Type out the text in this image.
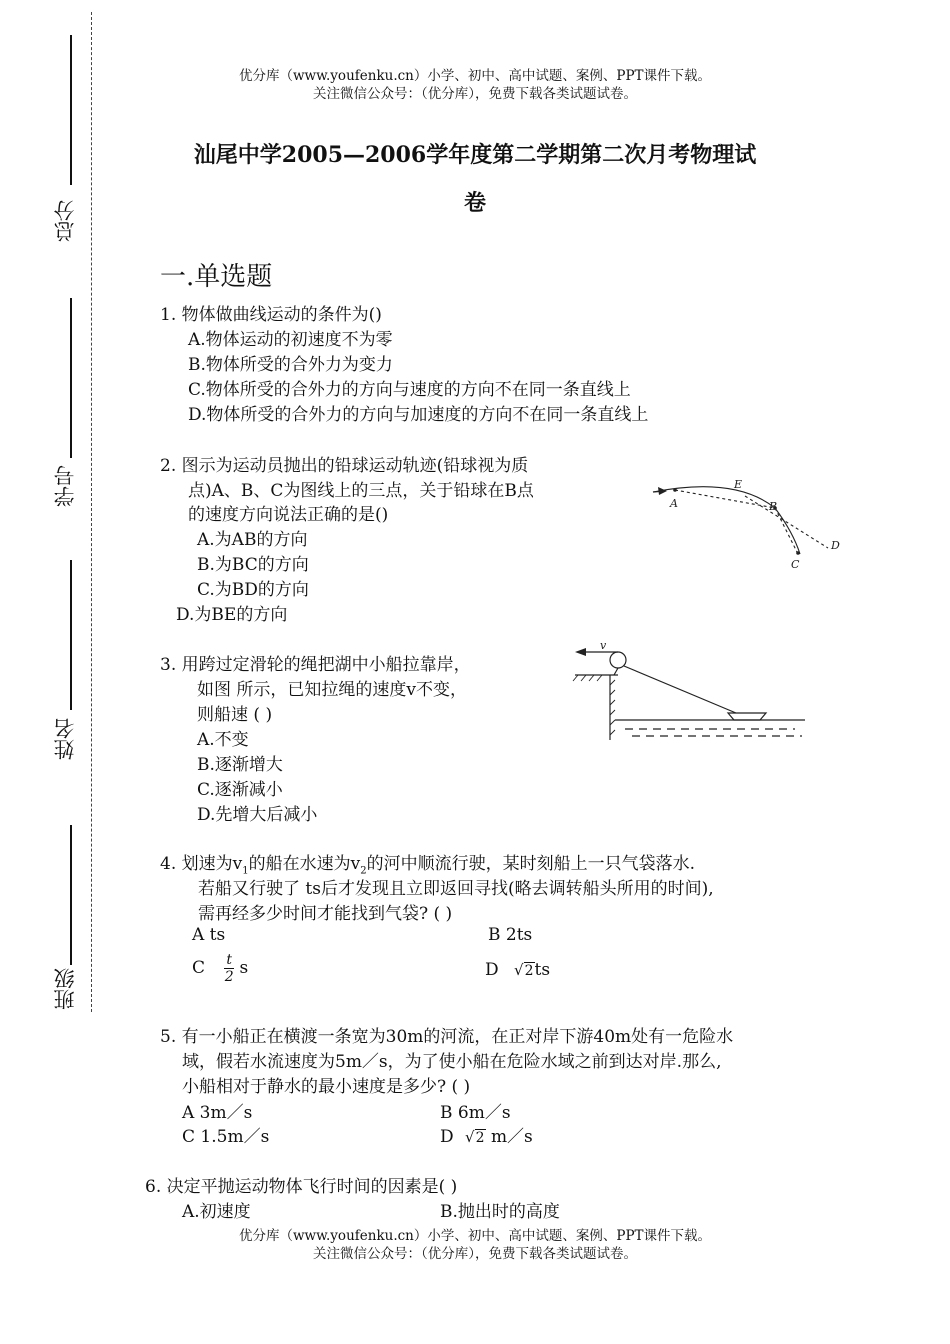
优分库（www.youfenku.cn）小学、初中、高中试题、案例、PPT课件下载。
关注微信公众号：（优分库），免费下载各类试题试卷。
总分
学号
姓名
班级
汕尾中学2005—2006学年度第二学期第二次月考物理试
卷
一.单选题
1. 物体做曲线运动的条件为()
A.物体运动的初速度不为零
B.物体所受的合外力为变力
C.物体所受的合外力的方向与速度的方向不在同一条直线上
D.物体所受的合外力的方向与加速度的方向不在同一条直线上
2. 图示为运动员抛出的铅球运动轨迹(铅球视为质
点)A、B、C为图线上的三点，关于铅球在B点
的速度方向说法正确的是()
A.为AB的方向
B.为BC的方向
C.为BD的方向
D.为BE的方向
A	B
C
D
E
3. 用跨过定滑轮的绳把湖中小船拉靠岸，
如图 所示，已知拉绳的速度v不变，
则船速 ( )
A.不变
B.逐渐增大
C.逐渐减小
D.先增大后减小
v
4. 划速为$v_1$的船在水速为$v_2$的河中顺流行驶，某时刻船上一只气袋落水.
若船又行驶了 ts后才发现且立即返回寻找(略去调转船头所用的时间),
需再经多少时间才能找到气袋? ( )
A ts	B 2ts
C $\frac{t}{2}$ s	D √2ts
5. 有一小船正在横渡一条宽为30m的河流，在正对岸下游40m处有一危险水
域，假若水流速度为5m／s，为了使小船在危险水域之前到达对岸.那么,
小船相对于静水的最小速度是多少? ( )
A 3m／s	B 6m／s
C 1.5m／s	D √2 m／s
6. 决定平抛运动物体飞行时间的因素是( )
A.初速度	B.抛出时的高度
优分库（www.youfenku.cn）小学、初中、高中试题、案例、PPT课件下载。
关注微信公众号：（优分库），免费下载各类试题试卷。
